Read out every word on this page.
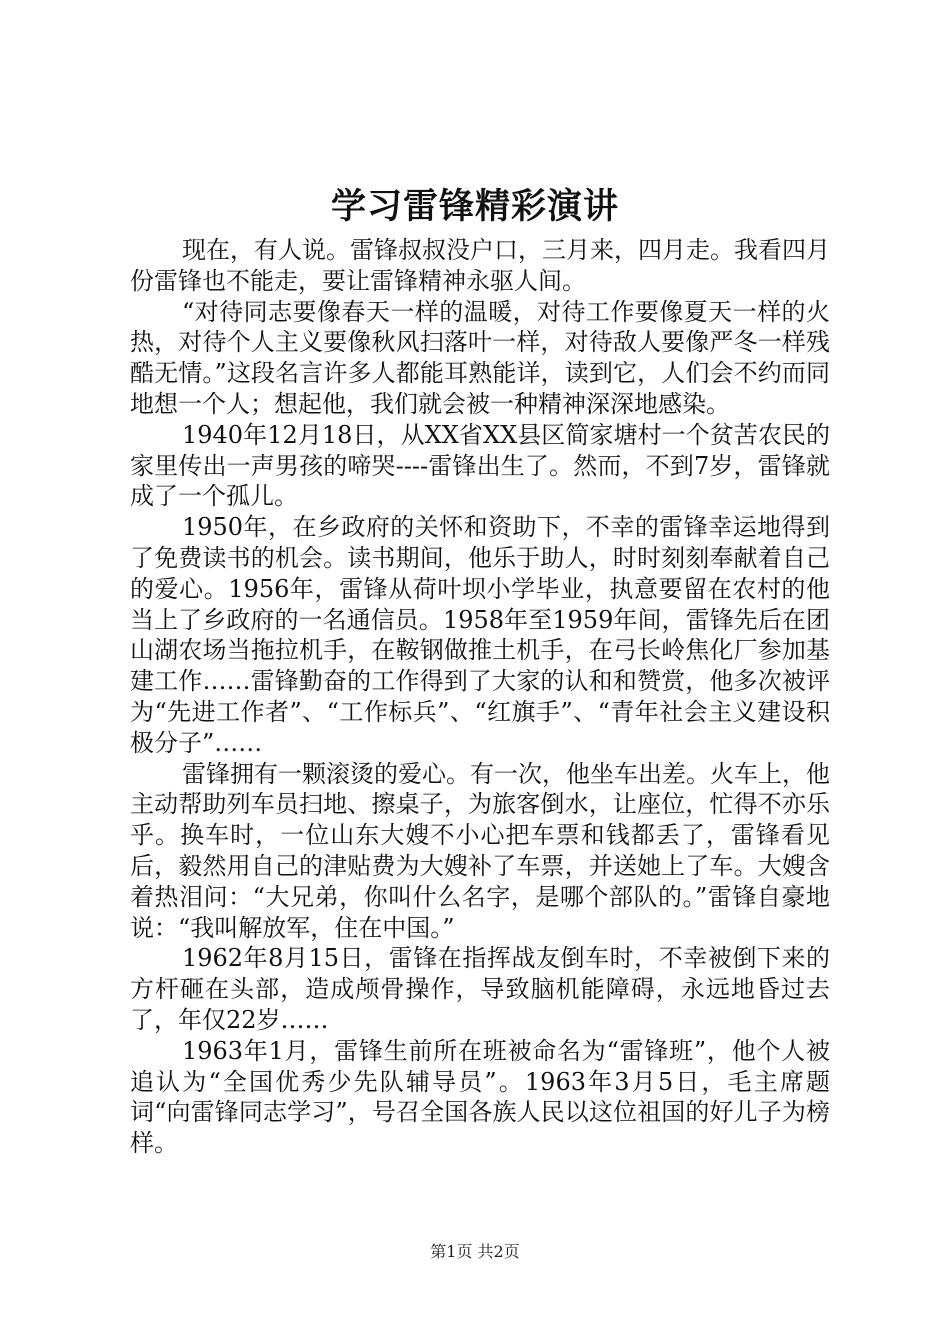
学习雷锋精彩演讲

现在，有人说。雷锋叔叔没户口，三月来，四月走。我看四月份雷锋也不能走，要让雷锋精神永驱人间。

“对待同志要像春天一样的温暖，对待工作要像夏天一样的火热，对待个人主义要像秋风扫落叶一样，对待敌人要像严冬一样残酷无情。”这段名言许多人都能耳熟能详，读到它，人们会不约而同地想一个人；想起他，我们就会被一种精神深深地感染。

1940年12月18日，从XX省XX县区简家塘村一个贫苦农民的家里传出一声男孩的啼哭----雷锋出生了。然而，不到7岁，雷锋就成了一个孤儿。

1950年，在乡政府的关怀和资助下，不幸的雷锋幸运地得到了免费读书的机会。读书期间，他乐于助人，时时刻刻奉献着自己的爱心。1956年，雷锋从荷叶坝小学毕业，执意要留在农村的他当上了乡政府的一名通信员。1958年至1959年间，雷锋先后在团山湖农场当拖拉机手，在鞍钢做推土机手，在弓长岭焦化厂参加基建工作……雷锋勤奋的工作得到了大家的认和和赞赏，他多次被评为“先进工作者”、“工作标兵”、“红旗手”、“青年社会主义建设积极分子”……

雷锋拥有一颗滚烫的爱心。有一次，他坐车出差。火车上，他主动帮助列车员扫地、擦桌子，为旅客倒水，让座位，忙得不亦乐乎。换车时，一位山东大嫂不小心把车票和钱都丢了，雷锋看见后，毅然用自己的津贴费为大嫂补了车票，并送她上了车。大嫂含着热泪问：“大兄弟，你叫什么名字，是哪个部队的。”雷锋自豪地说：“我叫解放军，住在中国。”

1962年8月15日，雷锋在指挥战友倒车时，不幸被倒下来的方杆砸在头部，造成颅骨操作，导致脑机能障碍，永远地昏过去了，年仅22岁……

1963年1月，雷锋生前所在班被命名为“雷锋班”，他个人被追认为“全国优秀少先队辅导员”。1963年3月5日，毛主席题词“向雷锋同志学习”，号召全国各族人民以这位祖国的好儿子为榜样。

第1页 共2页
